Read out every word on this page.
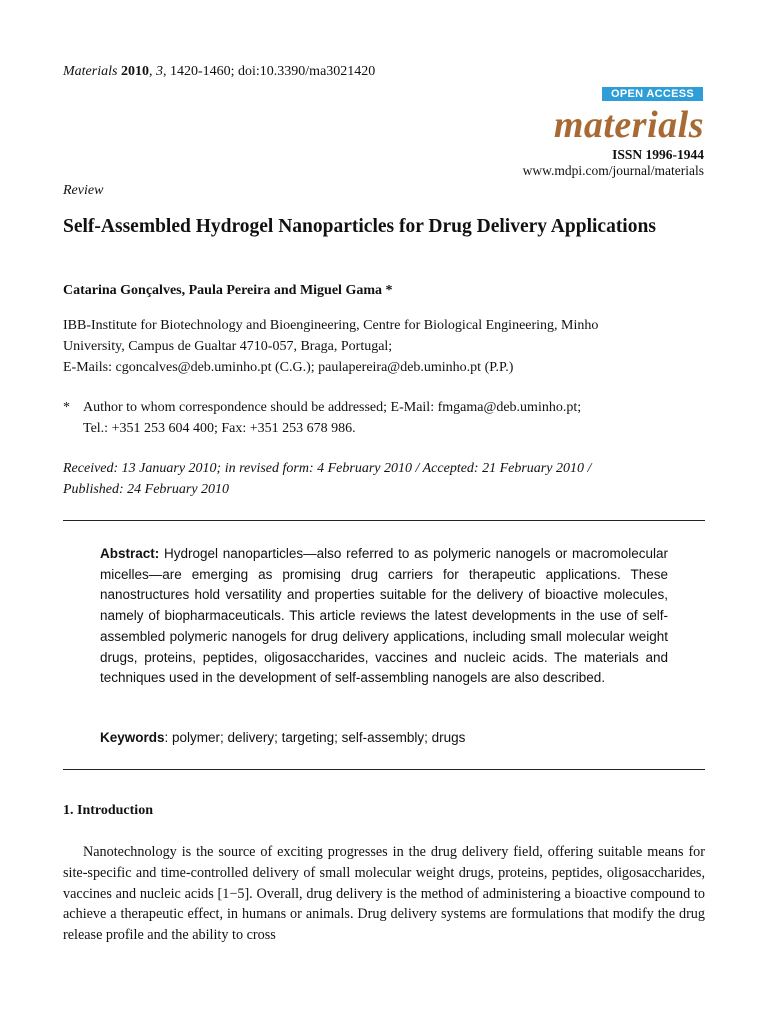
Materials 2010, 3, 1420-1460; doi:10.3390/ma3021420
OPEN ACCESS
materials
ISSN 1996-1944
www.mdpi.com/journal/materials
Review
Self-Assembled Hydrogel Nanoparticles for Drug Delivery Applications
Catarina Gonçalves, Paula Pereira and Miguel Gama *
IBB-Institute for Biotechnology and Bioengineering, Centre for Biological Engineering, Minho
University, Campus de Gualtar 4710-057, Braga, Portugal;
E-Mails: cgoncalves@deb.uminho.pt (C.G.); paulapereira@deb.uminho.pt (P.P.)
* Author to whom correspondence should be addressed; E-Mail: fmgama@deb.uminho.pt;
Tel.: +351 253 604 400; Fax: +351 253 678 986.
Received: 13 January 2010; in revised form: 4 February 2010 / Accepted: 21 February 2010 /
Published: 24 February 2010

Abstract: Hydrogel nanoparticles—also referred to as polymeric nanogels or macromolecular micelles—are emerging as promising drug carriers for therapeutic applications. These nanostructures hold versatility and properties suitable for the delivery of bioactive molecules, namely of biopharmaceuticals. This article reviews the latest developments in the use of self-assembled polymeric nanogels for drug delivery applications, including small molecular weight drugs, proteins, peptides, oligosaccharides, vaccines and nucleic acids. The materials and techniques used in the development of self-assembling nanogels are also described.

Keywords: polymer; delivery; targeting; self-assembly; drugs
1. Introduction

Nanotechnology is the source of exciting progresses in the drug delivery field, offering suitable means for site-specific and time-controlled delivery of small molecular weight drugs, proteins, peptides, oligosaccharides, vaccines and nucleic acids [1−5]. Overall, drug delivery is the method of administering a bioactive compound to achieve a therapeutic effect, in humans or animals. Drug delivery systems are formulations that modify the drug release profile and the ability to cross
